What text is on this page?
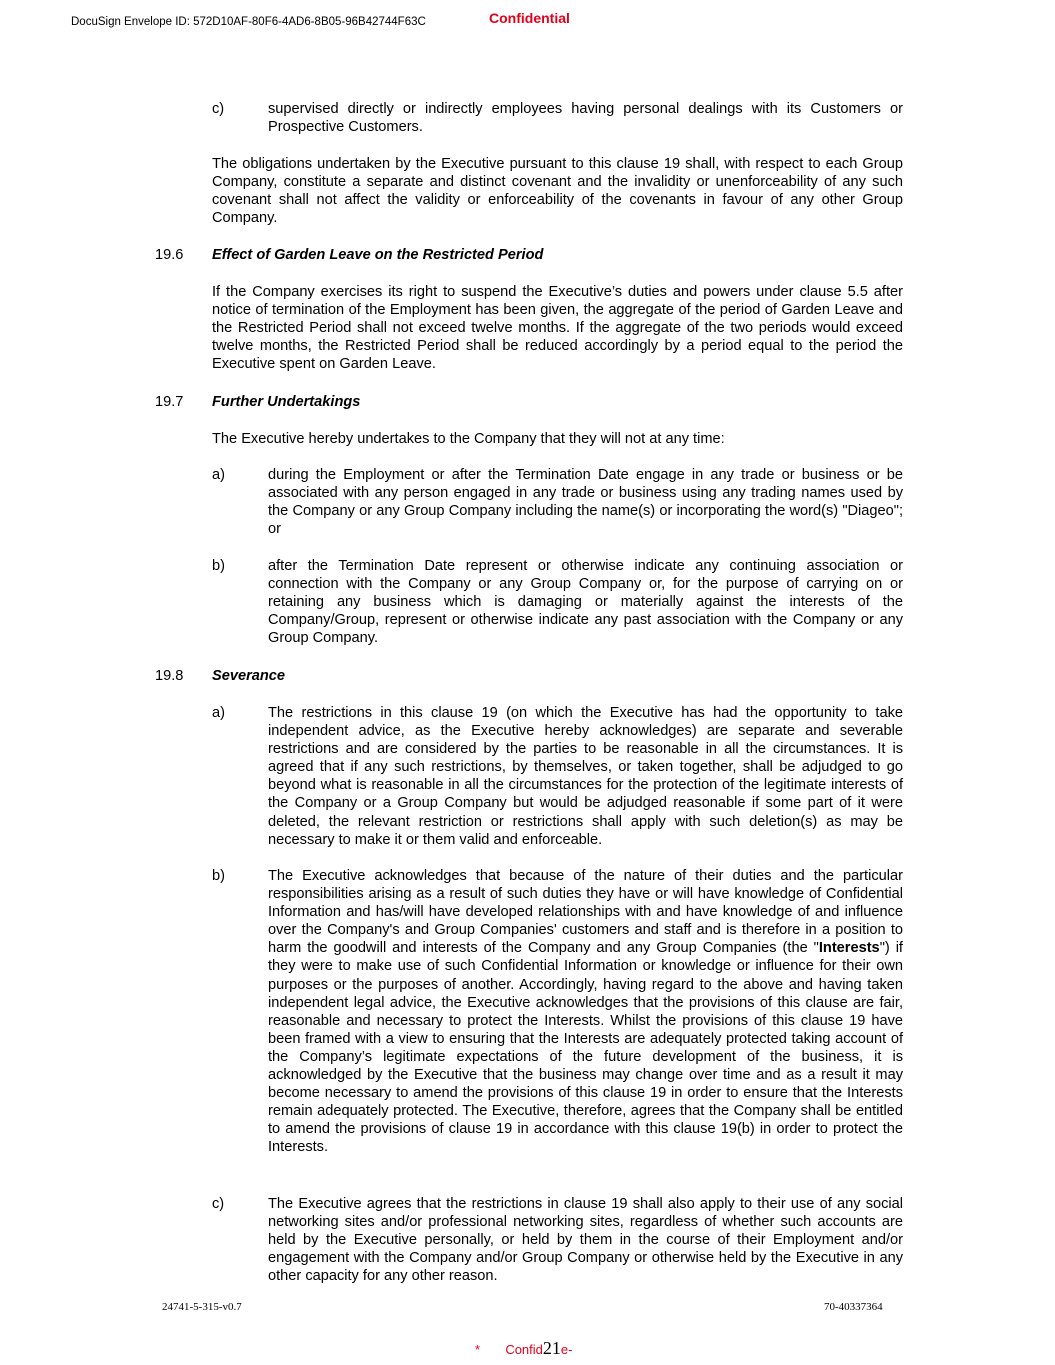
DocuSign Envelope ID: 572D10AF-80F6-4AD6-8B05-96B42744F63C	Confidential
c)	supervised directly or indirectly employees having personal dealings with its Customers or Prospective Customers.

The obligations undertaken by the Executive pursuant to this clause 19 shall, with respect to each Group Company, constitute a separate and distinct covenant and the invalidity or unenforceability of any such covenant shall not affect the validity or enforceability of the covenants in favour of any other Group Company.

19.6 Effect of Garden Leave on the Restricted Period

If the Company exercises its right to suspend the Executive’s duties and powers under clause 5.5 after notice of termination of the Employment has been given, the aggregate of the period of Garden Leave and the Restricted Period shall not exceed twelve months. If the aggregate of the two periods would exceed twelve months, the Restricted Period shall be reduced accordingly by a period equal to the period the Executive spent on Garden Leave.

19.7 Further Undertakings

The Executive hereby undertakes to the Company that they will not at any time:

a)	during the Employment or after the Termination Date engage in any trade or business or be associated with any person engaged in any trade or business using any trading names used by the Company or any Group Company including the name(s) or incorporating the word(s) "Diageo"; or
b)	after the Termination Date represent or otherwise indicate any continuing association or connection with the Company or any Group Company or, for the purpose of carrying on or retaining any business which is damaging or materially against the interests of the Company/Group, represent or otherwise indicate any past association with the Company or any Group Company.
19.8 Severance
a)	The restrictions in this clause 19 (on which the Executive has had the opportunity to take independent advice, as the Executive hereby acknowledges) are separate and severable restrictions and are considered by the parties to be reasonable in all the circumstances. It is agreed that if any such restrictions, by themselves, or taken together, shall be adjudged to go beyond what is reasonable in all the circumstances for the protection of the legitimate interests of the Company or a Group Company but would be adjudged reasonable if some part of it were deleted, the relevant restriction or restrictions shall apply with such deletion(s) as may be necessary to make it or them valid and enforceable.
b)	The Executive acknowledges that because of the nature of their duties and the particular responsibilities arising as a result of such duties they have or will have knowledge of Confidential Information and has/will have developed relationships with and have knowledge of and influence over the Company's and Group Companies' customers and staff and is therefore in a position to harm the goodwill and interests of the Company and any Group Companies (the "Interests") if they were to make use of such Confidential Information or knowledge or influence for their own purposes or the purposes of another. Accordingly, having regard to the above and having taken independent legal advice, the Executive acknowledges that the provisions of this clause are fair, reasonable and necessary to protect the Interests. Whilst the provisions of this clause 19 have been framed with a view to ensuring that the Interests are adequately protected taking account of the Company’s legitimate expectations of the future development of the business, it is acknowledged by the Executive that the business may change over time and as a result it may become necessary to amend the provisions of this clause 19 in order to ensure that the Interests remain adequately protected. The Executive, therefore, agrees that the Company shall be entitled to amend the provisions of clause 19 in accordance with this clause 19(b) in order to protect the Interests.
c)	The Executive agrees that the restrictions in clause 19 shall also apply to their use of any social networking sites and/or professional networking sites, regardless of whether such accounts are held by the Executive personally, or held by them in the course of their Employment and/or engagement with the Company and/or Group Company or otherwise held by the Executive in any other capacity for any other reason.
24741-5-315-v0.7	70-40337364
* Confid21e-
